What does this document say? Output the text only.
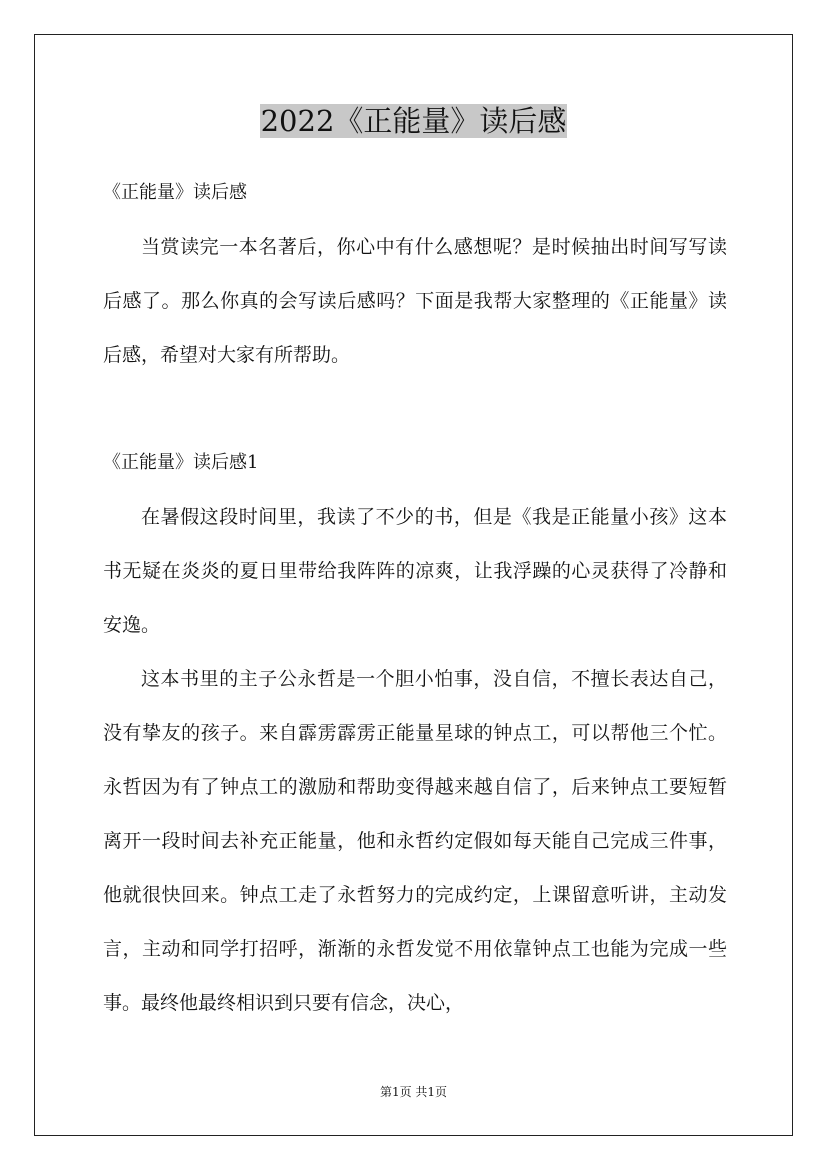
2022《正能量》读后感

《正能量》读后感

当赏读完一本名著后，你心中有什么感想呢？是时候抽出时间写写读后感了。那么你真的会写读后感吗？下面是我帮大家整理的《正能量》读后感，希望对大家有所帮助。

《正能量》读后感1

在暑假这段时间里，我读了不少的书，但是《我是正能量小孩》这本书无疑在炎炎的夏日里带给我阵阵的凉爽，让我浮躁的心灵获得了冷静和安逸。

这本书里的主子公永哲是一个胆小怕事，没自信，不擅长表达自己，没有挚友的孩子。来自霹雳霹雳正能量星球的钟点工，可以帮他三个忙。永哲因为有了钟点工的激励和帮助变得越来越自信了，后来钟点工要短暂离开一段时间去补充正能量，他和永哲约定假如每天能自己完成三件事，他就很快回来。钟点工走了永哲努力的完成约定，上课留意听讲，主动发言，主动和同学打招呼，渐渐的永哲发觉不用依靠钟点工也能为完成一些事。最终他最终相识到只要有信念，决心，

第1页 共1页
